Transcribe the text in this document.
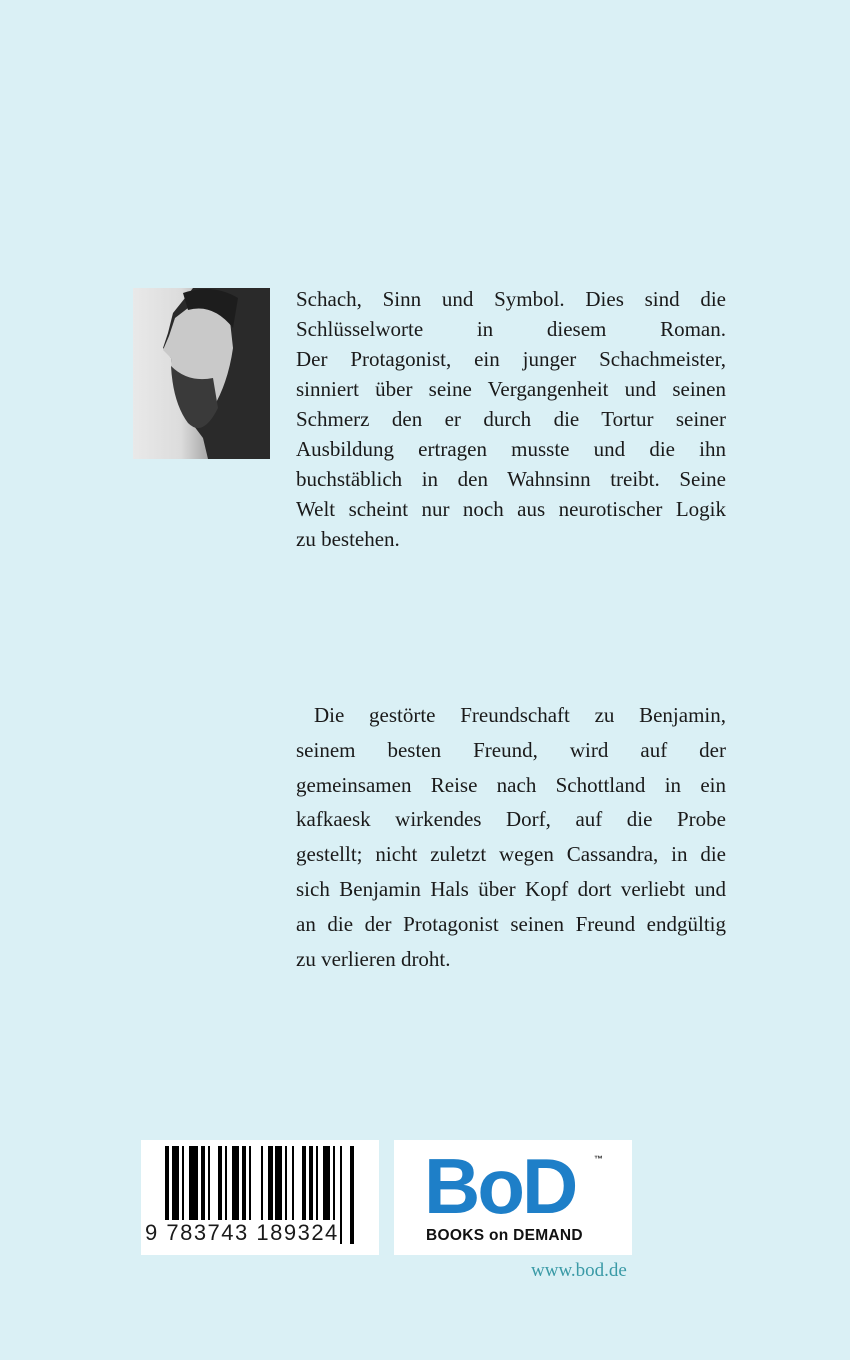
Schach, Sinn und Symbol. Dies sind die
Schlüsselworte in diesem Roman.
Der Protagonist, ein junger Schachmeister,
sinniert über seine Vergangenheit und seinen
Schmerz den er durch die Tortur seiner
Ausbildung ertragen musste und die ihn
buchstäblich in den Wahnsinn treibt. Seine
Welt scheint nur noch aus neurotischer Logik
zu bestehen.
Die gestörte Freundschaft zu Benjamin,
seinem besten Freund, wird auf der
gemeinsamen Reise nach Schottland in ein
kafkaesk wirkendes Dorf, auf die Probe
gestellt; nicht zuletzt wegen Cassandra, in die
sich Benjamin Hals über Kopf dort verliebt und
an die der Protagonist seinen Freund endgültig
zu verlieren droht.
9 783743 189324
BoD ™
BOOKS on DEMAND
www.bod.de
